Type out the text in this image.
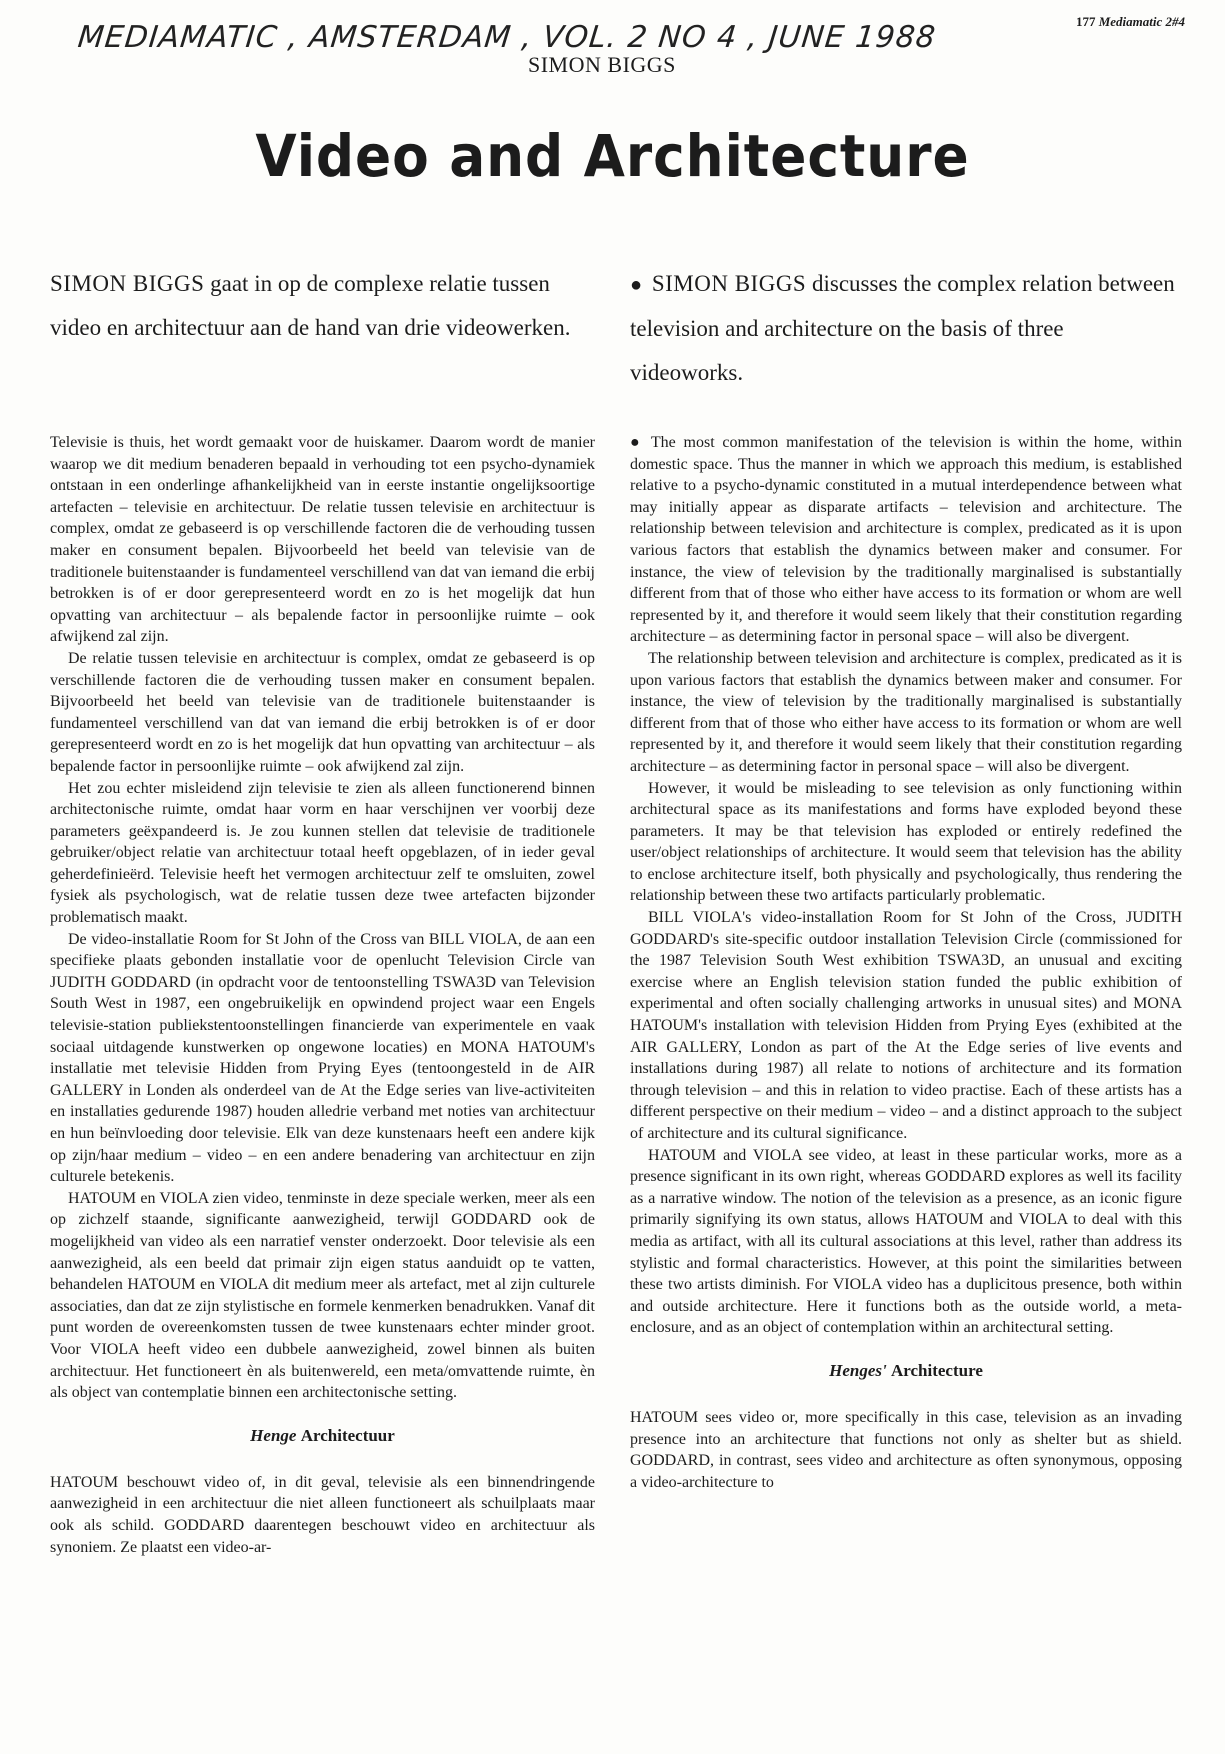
MEDIAMATIC , AMSTERDAM , VOL. 2 NO 4 , JUNE 1988	177 Mediamatic 2#4
SIMON BIGGS
Video and Architecture
SIMON BIGGS gaat in op de complexe relatie tussen video en architectuur aan de hand van drie videowerken.

Televisie is thuis, het wordt gemaakt voor de huiskamer. Daarom wordt de manier waarop we dit medium benaderen bepaald in verhouding tot een psycho-dynamiek ontstaan in een onderlinge afhankelijkheid van in eerste instantie ongelijksoortige artefacten – televisie en architectuur. De relatie tussen televisie en architectuur is complex, omdat ze gebaseerd is op verschillende factoren die de verhouding tussen maker en consument bepalen. Bijvoorbeeld het beeld van televisie van de traditionele buitenstaander is fundamenteel verschillend van dat van iemand die erbij betrokken is of er door gerepresenteerd wordt en zo is het mogelijk dat hun opvatting van architectuur – als bepalende factor in persoonlijke ruimte – ook afwijkend zal zijn.

De relatie tussen televisie en architectuur is complex, omdat ze gebaseerd is op verschillende factoren die de verhouding tussen maker en consument bepalen. Bijvoorbeeld het beeld van televisie van de traditionele buitenstaander is fundamenteel verschillend van dat van iemand die erbij betrokken is of er door gerepresenteerd wordt en zo is het mogelijk dat hun opvatting van architectuur – als bepalende factor in persoonlijke ruimte – ook afwijkend zal zijn.

Het zou echter misleidend zijn televisie te zien als alleen functionerend binnen architectonische ruimte, omdat haar vorm en haar verschijnen ver voorbij deze parameters geëxpandeerd is. Je zou kunnen stellen dat televisie de traditionele gebruiker/object relatie van architectuur totaal heeft opgeblazen, of in ieder geval geherdefinieërd. Televisie heeft het vermogen architectuur zelf te omsluiten, zowel fysiek als psychologisch, wat de relatie tussen deze twee artefacten bijzonder problematisch maakt.

De video-installatie Room for St John of the Cross van BILL VIOLA, de aan een specifieke plaats gebonden installatie voor de openlucht Television Circle van JUDITH GODDARD (in opdracht voor de tentoonstelling TSWA3D van Television South West in 1987, een ongebruikelijk en opwindend project waar een Engels televisie-station publiekstentoonstellingen financierde van experimentele en vaak sociaal uitdagende kunstwerken op ongewone locaties) en MONA HATOUM's installatie met televisie Hidden from Prying Eyes (tentoongesteld in de AIR GALLERY in Londen als onderdeel van de At the Edge series van live-activiteiten en installaties gedurende 1987) houden alledrie verband met noties van architectuur en hun beïnvloeding door televisie. Elk van deze kunstenaars heeft een andere kijk op zijn/haar medium – video – en een andere benadering van architectuur en zijn culturele betekenis.

HATOUM en VIOLA zien video, tenminste in deze speciale werken, meer als een op zichzelf staande, significante aanwezigheid, terwijl GODDARD ook de mogelijkheid van video als een narratief venster onderzoekt. Door televisie als een aanwezigheid, als een beeld dat primair zijn eigen status aanduidt op te vatten, behandelen HATOUM en VIOLA dit medium meer als artefact, met al zijn culturele associaties, dan dat ze zijn stylistische en formele kenmerken benadrukken. Vanaf dit punt worden de overeenkomsten tussen de twee kunstenaars echter minder groot. Voor VIOLA heeft video een dubbele aanwezigheid, zowel binnen als buiten architectuur. Het functioneert èn als buitenwereld, een meta/omvattende ruimte, èn als object van contemplatie binnen een architectonische setting.

Henge Architectuur

HATOUM beschouwt video of, in dit geval, televisie als een binnendringende aanwezigheid in een architectuur die niet alleen functioneert als schuilplaats maar ook als schild. GODDARD daarentegen beschouwt video en architectuur als synoniem. Ze plaatst een video-ar-

● SIMON BIGGS discusses the complex relation between television and architecture on the basis of three videoworks.

● The most common manifestation of the television is within the home, within domestic space. Thus the manner in which we approach this medium, is established relative to a psycho-dynamic constituted in a mutual interdependence between what may initially appear as disparate artifacts – television and architecture. The relationship between television and architecture is complex, predicated as it is upon various factors that establish the dynamics between maker and consumer. For instance, the view of television by the traditionally marginalised is substantially different from that of those who either have access to its formation or whom are well represented by it, and therefore it would seem likely that their constitution regarding architecture – as determining factor in personal space – will also be divergent.

The relationship between television and architecture is complex, predicated as it is upon various factors that establish the dynamics between maker and consumer. For instance, the view of television by the traditionally marginalised is substantially different from that of those who either have access to its formation or whom are well represented by it, and therefore it would seem likely that their constitution regarding architecture – as determining factor in personal space – will also be divergent.

However, it would be misleading to see television as only functioning within architectural space as its manifestations and forms have exploded beyond these parameters. It may be that television has exploded or entirely redefined the user/object relationships of architecture. It would seem that television has the ability to enclose architecture itself, both physically and psychologically, thus rendering the relationship between these two artifacts particularly problematic.

BILL VIOLA's video-installation Room for St John of the Cross, JUDITH GODDARD's site-specific outdoor installation Television Circle (commissioned for the 1987 Television South West exhibition TSWA3D, an unusual and exciting exercise where an English television station funded the public exhibition of experimental and often socially challenging artworks in unusual sites) and MONA HATOUM's installation with television Hidden from Prying Eyes (exhibited at the AIR GALLERY, London as part of the At the Edge series of live events and installations during 1987) all relate to notions of architecture and its formation through television – and this in relation to video practise. Each of these artists has a different perspective on their medium – video – and a distinct approach to the subject of architecture and its cultural significance.

HATOUM and VIOLA see video, at least in these particular works, more as a presence significant in its own right, whereas GODDARD explores as well its facility as a narrative window. The notion of the television as a presence, as an iconic figure primarily signifying its own status, allows HATOUM and VIOLA to deal with this media as artifact, with all its cultural associations at this level, rather than address its stylistic and formal characteristics. However, at this point the similarities between these two artists diminish. For VIOLA video has a duplicitous presence, both within and outside architecture. Here it functions both as the outside world, a meta-enclosure, and as an object of contemplation within an architectural setting.

Henges' Architecture

HATOUM sees video or, more specifically in this case, television as an invading presence into an architecture that functions not only as shelter but as shield. GODDARD, in contrast, sees video and architecture as often synonymous, opposing a video-architecture to
